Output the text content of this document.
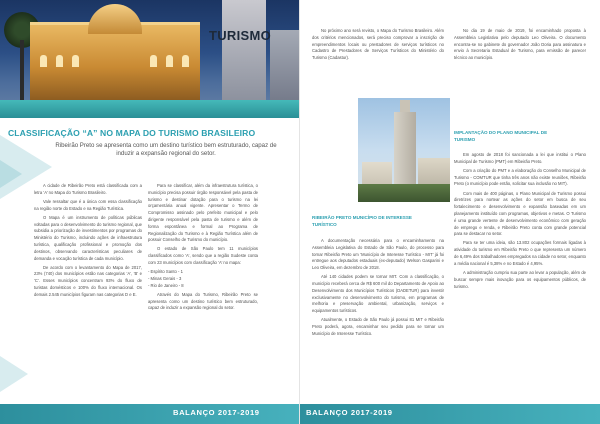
TURISMO
CLASSIFICAÇÃO “A” NO MAPA DO TURISMO BRASILEIRO
Ribeirão Preto se apresenta como um destino turístico bem estruturado, capaz de induzir a expansão regional do setor.

A cidade de Ribeirão Preto está classificada com a letra ‘A’ no Mapa do Turismo Brasileiro.

Vale ressaltar que é a única com essa classificação na região norte do Estado e na Região Turística.

O Mapa é um instrumento de políticas públicas voltadas para o desenvolvimento do turismo regional, que subsidia a priorização de investimentos por programas do Ministério do Turismo, incluindo ações de infraestrutura turística, qualificação profissional e promoção dos destinos, observando características peculiares de demanda e vocação turística de cada município.

De acordo com o levantamento do Mapa de 2017, 23% (740) dos municípios estão nas categorias ‘A’, ‘B’ e ‘C’. Esses municípios concentram 93% do fluxo de turistas domésticos e 100% do fluxo internacional. Os demais 2.545 municípios figuram nas categorias D e E.

Para se classificar, além da infraestrutura turística, o município precisa possuir órgão responsável pela pasta de turismo e destinar dotação para o turismo na lei orçamentária anual vigente. Apresentar o Termo de Compromisso assinado pelo prefeito municipal e pelo dirigente responsável pela pasta de turismo e além de forma espontânea e formal ao Programa de Regionalização do Turismo e à Região Turística além de possuir Conselho de Turismo do município.

O estado de São Paulo tem 11 municípios classificados como ‘A’, sendo que a região Sudeste conta com 23 municípios com classificação ‘A’ no mapa:

- Espírito Santo - 1

- Minas Gerais - 3

- Rio de Janeiro - 8

Através do Mapa do Turismo, Ribeirão Preto se apresenta como um destino turístico bem estruturado, capaz de induzir a expansão regional do setor.

BALANÇO 2017-2019

No próximo ano será revisto, o Mapa do Turismo Brasileiro. Além dos critérios mencionados, será preciso comprovar a inscrição de empreendimentos locais ou prestadores de serviços turísticos no Cadastro de Prestadores de Serviços Turísticos do Ministério do Turismo (Cadastur).

RIBEIRÃO PRETO MUNICÍPIO DE INTERESSE TURÍSTICO

A documentação necessária para o encaminhamento na Assembleia Legislativa do Estado de São Paulo, do processo para tornar Ribeirão Preto um ‘Município de Interesse Turístico - MIT’ já foi entregue aos deputados estaduais (ex-deputado) Welson Gasparini e Leo Oliveira, em dezembro de 2018.

Até 140 cidades podem se tornar MIT. Com a classificação, o município receberá cerca de R$ 600 mil do Departamento de Apoio ao Desenvolvimento dos Municípios Turísticos (DADETUR) para investir exclusivamente no desenvolvimento do turismo, em programas de melhoria e preservação ambiental, urbanização, serviços e equipamentos turísticos.

Atualmente, o Estado de São Paulo já possui 81 MIT e Ribeirão Preto poderá, agora, encaminhar seu pedido para se tornar um Município de Interesse Turístico.

No dia 19 de maio de 2019, foi encaminhado proposta à Assembleia Legislativa pelo deputado Leo Oliveira. O documento encontra-se no gabinete do governador João Doria para assinatura e envio à Secretaria Estadual de Turismo, para emissão de parecer técnico ao município.

IMPLANTAÇÃO DO PLANO MUNICIPAL DE TURISMO

Em agosto de 2018 foi sancionada a lei que institui o Plano Municipal de Turismo (PMT) em Ribeirão Preto.

Com a criação do PMT e a elaboração do Conselho Municipal de Turismo - COMTUR que tinha três anos não existe reuniões, Ribeirão Preto (o município pode então, solicitar sua inclusão no MIT).

Com mais de 400 páginas, o Plano Municipal de Turismo possui diretrizes para nortear as ações do setor em busca de seu fortalecimento e desenvolvimento e expansão baseadas em um planejamento instituído com programas, objetivos e metas. O Turismo é uma grande vertente de desenvolvimento econômico com geração de emprego e renda, e Ribeirão Preto conta com grande potencial para se destacar no setor.

Para se ter uma ideia, são 13.802 ocupações formais ligadas à atividade do turismo em Ribeirão Preto o que representa um número de 6,49% dos trabalhadores empregados na cidade no setor, enquanto a média nacional é 5,38% e no Estado é 4,95%.

A administração cumpriu sua parte ao levar a população, além de buscar sempre mais inovação para os equipamentos públicos, de turismo.

BALANÇO 2017-2019
